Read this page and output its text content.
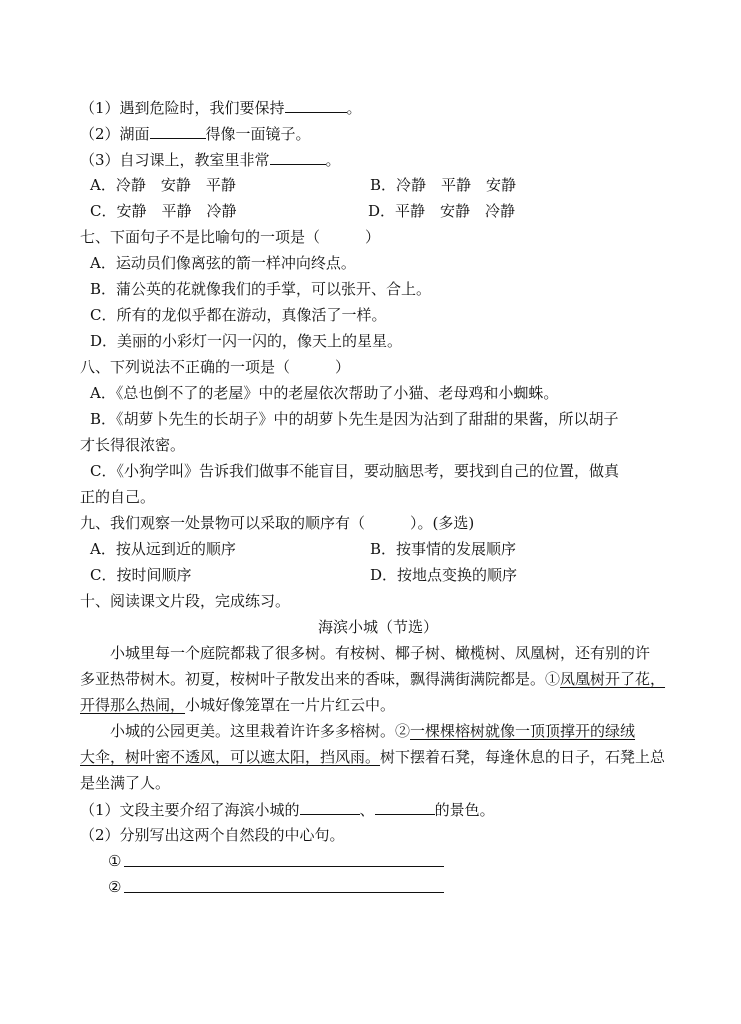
（1）遇到危险时，我们要保持	。
（2）湖面	得像一面镜子。
（3）自习课上，教室里非常	。
A．冷静　安静　平静	B．冷静　平静　安静
C．安静　平静　冷静	D．平静　安静　冷静
七、下面句子不是比喻句的一项是（　　　）
A．运动员们像离弦的箭一样冲向终点。
B．蒲公英的花就像我们的手掌，可以张开、合上。
C．所有的龙似乎都在游动，真像活了一样。
D．美丽的小彩灯一闪一闪的，像天上的星星。
八、下列说法不正确的一项是（　　　）
A．《总也倒不了的老屋》中的老屋依次帮助了小猫、老母鸡和小蜘蛛。
B．《胡萝卜先生的长胡子》中的胡萝卜先生是因为沾到了甜甜的果酱，所以胡子
才长得很浓密。
C．《小狗学叫》告诉我们做事不能盲目，要动脑思考，要找到自己的位置，做真
正的自己。
九、我们观察一处景物可以采取的顺序有（　　　）。(多选)
A．按从远到近的顺序	B．按事情的发展顺序
C．按时间顺序	D．按地点变换的顺序
十、阅读课文片段，完成练习。
海滨小城（节选）
小城里每一个庭院都栽了很多树。有桉树、椰子树、橄榄树、凤凰树，还有别的许
多亚热带树木。初夏，桉树叶子散发出来的香味，飘得满街满院都是。①凤凰树开了花，
开得那么热闹，小城好像笼罩在一片片红云中。
小城的公园更美。这里栽着许许多多榕树。②一棵棵榕树就像一顶顶撑开的绿绒
大伞，树叶密不透风，可以遮太阳，挡风雨。树下摆着石凳，每逢休息的日子，石凳上总
是坐满了人。
（1）文段主要介绍了海滨小城的	、	的景色。
（2）分别写出这两个自然段的中心句。
①
②
